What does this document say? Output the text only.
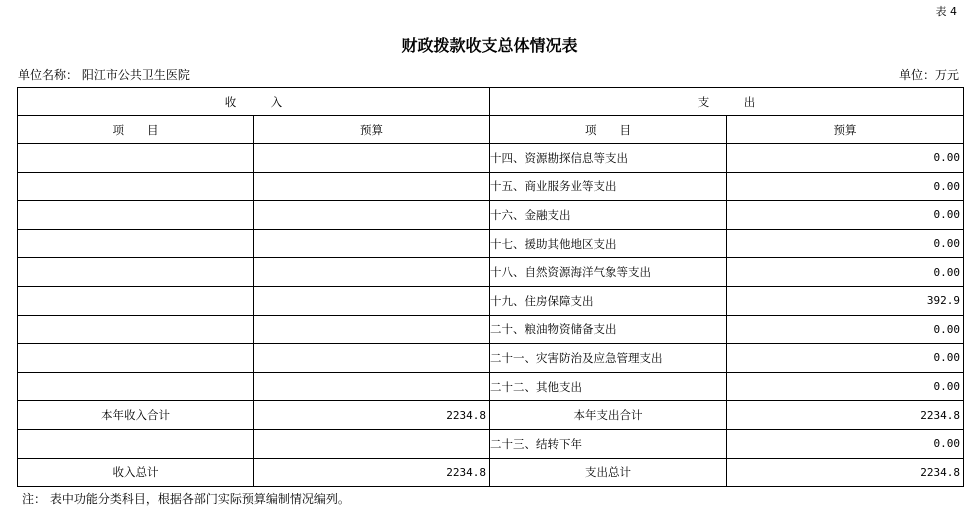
表 4
财政拨款收支总体情况表
单位名称： 阳江市公共卫生医院	单位：万元
收　　　入		支　　　出	
项　　目	预算	项　　目	预算
		十四、资源勘探信息等支出	0.00
		十五、商业服务业等支出	0.00
		十六、金融支出	0.00
		十七、援助其他地区支出	0.00
		十八、自然资源海洋气象等支出	0.00
		十九、住房保障支出	392.9
		二十、粮油物资储备支出	0.00
		二十一、灾害防治及应急管理支出	0.00
		二十二、其他支出	0.00
本年收入合计	2234.8	本年支出合计	2234.8
		二十三、结转下年	0.00
收入总计	2234.8	支出总计	2234.8
注： 表中功能分类科目，根据各部门实际预算编制情况编列。
